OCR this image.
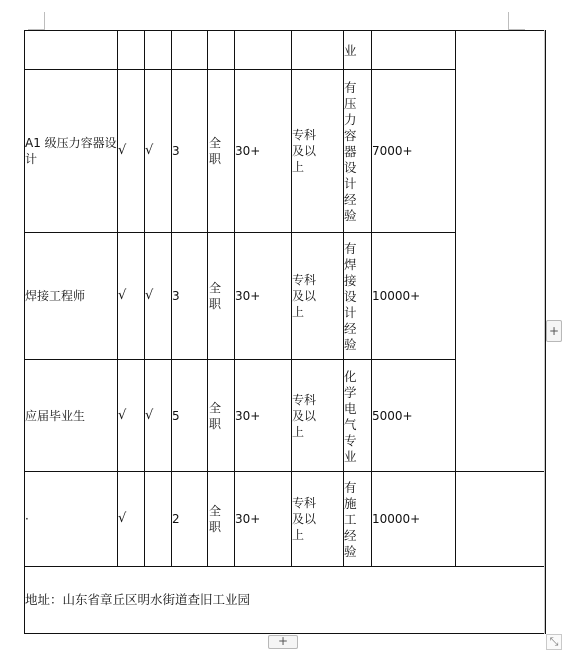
							业		

A1 级压力容器设计	√	√	3	全职	30+	专科及以上	有压力容器设计经验	7000+	
焊接工程师	√	√	3	全职	30+	专科及以上	有焊接设计经验	10000+	
应届毕业生	√	√	5	全职	30+	专科及以上	化学电气专业	5000+	
·	√		2	全职	30+	专科及以上	有施工经验	10000+	
地址：山东省章丘区明水街道查旧工业园									
+
+	⤡
